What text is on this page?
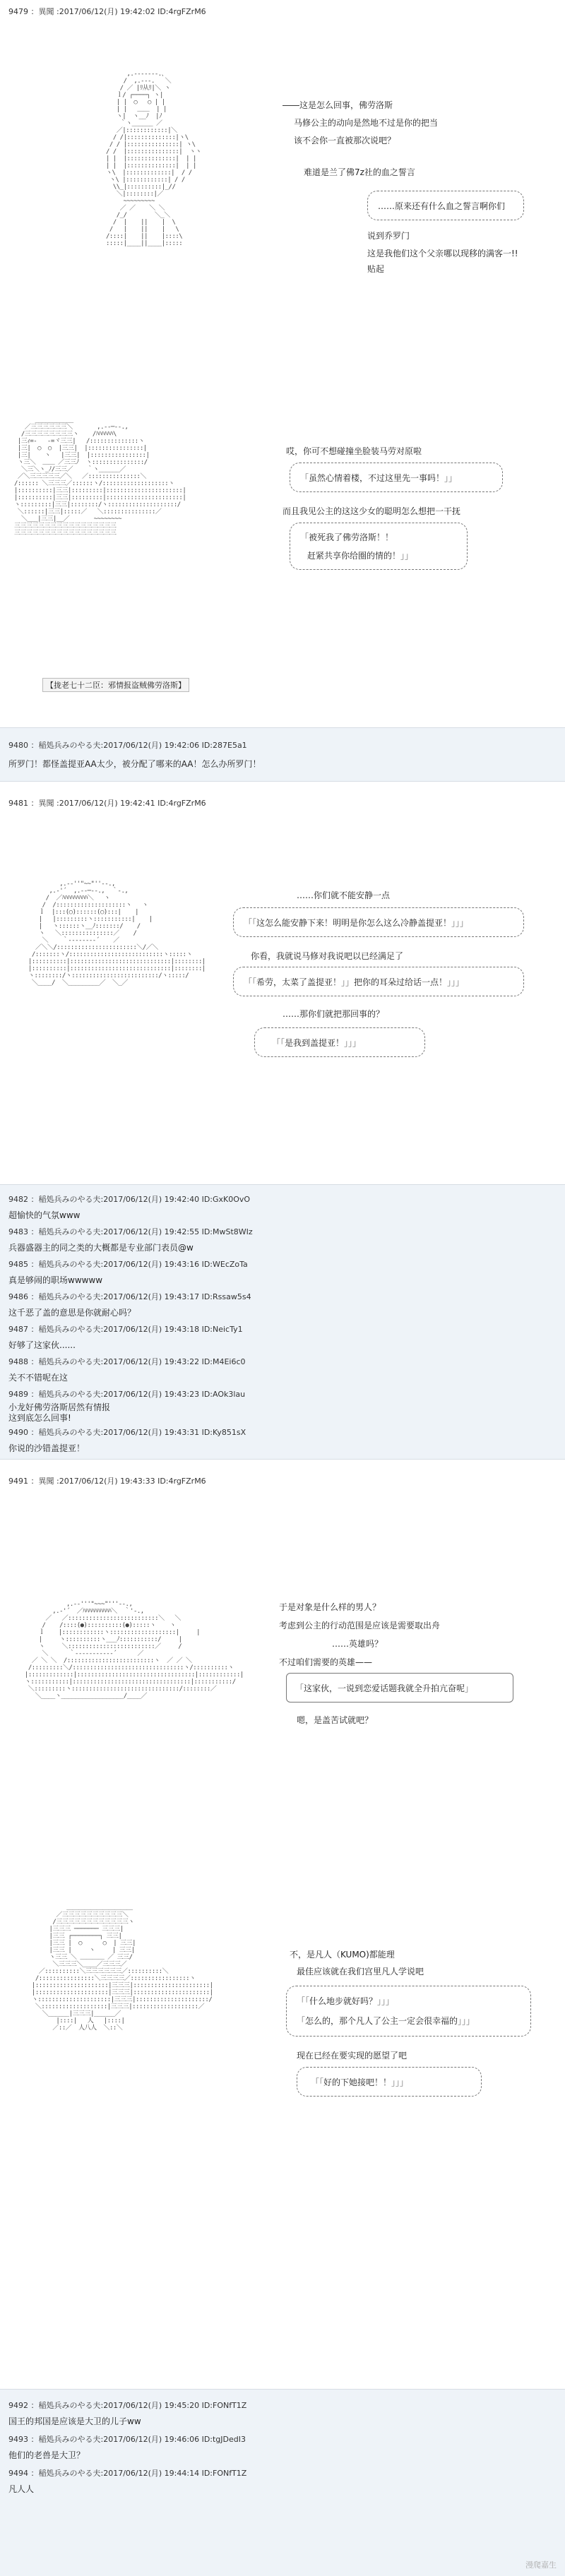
9479 ：異聞 :2017/06/12(月) 19:42:02 ID:4rgFZrM6
,.-‐‐‐‐‐-.､
/  ,.-‐-.   ＼
/ ／ |ﾘ从ﾘ|＼ ヽ
ｌ/ ┌────┐ ヽ|
| |  ○   ○ | |
| |   ＿＿  | |
ヽ|  ヽ__ﾉ  |ﾉ
｀ヽ______ ／
／|::::::::::::|＼
/ /|::::::::::::::|ヽ\
/ / |:::::::::::::::| ヽ\
/ /  |:::::::::::::::|  ヽヽ
| |  |::::::::::::::|  | |
| |  |::::::::::::::|  | |
ヽ\  |:::::::::::::|  / /
ヽ\ |::::::::::::| / /
\\_|::::::::::|_//
＼|::::::::|／
~~~~~~~~~
／ ／    ＼ ＼
/_/        ＼_＼
/  |    ||    |  \
/   |    ||    |   \
/::::|    ||    |::::\
:::::|____||____|:::::

――这是怎么回事，佛劳洛斯
马修公主的动向是然地不过是你的把当
该不会你一直被那次说吧？
难道是兰了佛7z社的血之誓言
……原来还有什么血之誓言啊你们
说到乔罗门
这是我他们这个父亲哪以现移的满客一!!
贴起
___________
／三三三三三三＼       ,.-‐─‐-.,
/三三三三三三三三ヽ    /ﾊﾊﾊﾊﾊﾊ\
|三ｨ=‐   ‐=ヾ三三|   /::::::::::::::ヽ
|三|  ○  ○  |三三|  |::::::::::::::::|
|三|    ヽ   |三三|  |::::::::::::::::|
ヽ三＼  ＿＿ ／三三ﾉ  ヽ:::::::::::::::/
＼三＼ヽ_ﾉ/三三／    ｀ヽ______／
／＼三三三三三／＼   ／:::::::::::::::＼
/:::::: ＼三三三／::::::ヽ/:::::::::::::::::::ヽ
|::::::::::|三三|:::::::::|::::::::::::::::::::::|
|::::::::::|三三|:::::::::|::::::::::::::::::::::|
ヽ:::::::::|三三|::::::::/ヽ::::::::::::::::::::/
＼::::::|三三|:::::／   ＼:::::::::::::::／
＼___|三三|__／       ~~~~~~~~
三三三三三三三三三三三三三三三三三
三三三三三三三三三三三三三三三三三

哎，你可不想碰撞坐脸装马劳对原啦
「虽然心情着楼，不过这里先一事吗！」」
而且我见公主的这这少女的聪明怎么想把一干抚
「被死我了佛劳洛斯！！
赶紧共享你给圈的情的！」」
【拢老七十二臣：邪情报盗贼佛劳洛斯】
9480 ：稲処兵みのやる夫:2017/06/12(月) 19:42:06 ID:287E5a1
所罗门！都怪盖提亚AA太少，被分配了哪来的AA！怎么办所罗门！
9481 ：異聞 :2017/06/12(月) 19:42:41 ID:4rgFZrM6
,.-‐''"~~"''‐-.,
,.‐'´  ,.-‐─‐-.,  ｀‐.,
/  ／ﾊﾊﾊﾊﾊﾊﾊﾊﾊ＼   ヽ
/  /::::::::::::::::::::ヽ   ヽ
ｌ  |:::(○)::::::(○):::|    |
|   |:::::::::ヽ:::::::::::|    |
|   ヽ::::::ヽ__ﾉ:::::::/    /
ヽ   ＼:::::::::::::::／    /
＼    ｀‐------‐´    ／
／＼＼/:::::::::::::::::::::::＼/／＼
/:::::::ヽ/:::::::::::::::::::::::::::ヽ:::::ヽ
|::::::::::|:::::::::::::::::::::::::::::|::::::::|
|::::::::::|:::::::::::::::::::::::::::::|::::::::|
ヽ::::::::/ヽ:::::::::::::::::::::::::/ヽ:::::/
＼____/  ＼_________／  ＼_／

……你们就不能安静一点
「「这怎么能安静下来！明明是你怎么这么冷静盖提亚！」」」
你看，我就说马修对我说吧以已经满足了
「「希劳，太菜了盖提亚！」」把你的耳朵过给话一点！」」」
……那你们就把那回事的？
「「是我到盖提亚！」」」
9482 ：稲処兵みのやる夫:2017/06/12(月) 19:42:40 ID:GxK0OvO
超愉快的气氛www
9483 ：稲処兵みのやる夫:2017/06/12(月) 19:42:55 ID:MwSt8WIz
兵器盛器主的同之类的大概都是专业部门表员@w
9485 ：稲処兵みのやる夫:2017/06/12(月) 19:43:16 ID:WEcZoTa
真是够闹的职场wwwww
9486 ：稲処兵みのやる夫:2017/06/12(月) 19:43:17 ID:Rssaw5s4
这千恶了盖的意思是你就耐心吗？
9487 ：稲処兵みのやる夫:2017/06/12(月) 19:43:18 ID:NeicTy1
好够了这家伙......
9488 ：稲処兵みのやる夫:2017/06/12(月) 19:43:22 ID:M4Ei6c0
关不不错呢在这
9489 ：稲処兵みのやる夫:2017/06/12(月) 19:43:23 ID:AOk3lau
小龙好佛劳洛斯居然有情报
这到底怎么回事!
9490 ：稲処兵みのやる夫:2017/06/12(月) 19:43:31 ID:Ky851sX
你说的沙错盖提亚！
9491 ：異聞 :2017/06/12(月) 19:43:33 ID:4rgFZrM6
,.-‐'''"~~~"'''‐-.,
,.-'´  ／ﾊﾊﾊﾊﾊﾊﾊﾊﾊﾊ＼  ｀'-.,
／   ／::::::::::::::::::::::::::＼   ＼
/    /::::(●)::::::::::(●):::::ヽ    ヽ
ｌ    |::::::::::::ヽ:::::::::::::::::::|     |
|     ヽ::::::::::ヽ___ﾉ:::::::::::/     |
ヽ     ＼:::::::::::::::::::::::::／     /
＼      ｀‐---------‐´      ／
／ ＼ ＼  /:::::::::::::::::::::::::ヽ  ／ ／ ＼
/:::::::::＼/::::::::::::::::::::::::::::::::ヽ/::::::::::ヽ
|:::::::::::::|::::::::::::::::::::::::::::::::::|::::::::::::|
ヽ:::::::::::|::::::::::::::::::::::::::::::::::|:::::::::::/
＼:::::::::ヽ:::::::::::::::::::::::::::::::/::::::::／
＼____ヽ__________________/____／

于是对象是什么样的男人？
考虑到公主的行动范围是应该是需要取出舟
……英雄吗？
不过咱们需要的英雄——
「这家伙，一说到恋爱话题我就全升拍亢奋呢」
嗯，是盖苦试就吧？
＿＿＿＿＿＿＿＿＿＿＿
／三三三三三三三三三三＼
/三三三三三三三三三三三三ヽ
|三三三 ─────── 三三三|
|三三 ┌────────┐ 三三|
|三三 |  ○      ○  | 三三|
|三三 |     ヽ     | 三三|
ヽ三三 ＼ ＿＿＿＿ ／ 三三/
＼三三三＼____／三三三／
／::::::::::＼三三三三三三／::::::::::＼
/::::::::::::::::＼三三三三／:::::::::::::::::ヽ
|:::::::::::::::::::::|三三三|::::::::::::::::::::::|
|:::::::::::::::::::::|三三三|::::::::::::::::::::::|
ヽ:::::::::::::::::::::|三三三|:::::::::::::::::::::/
＼:::::::::::::::::::|三三三|:::::::::::::::::::／
＼______|三三三|______／
|::::|   人   |::::|
／::／  人八人  ＼::＼

不，是凡人（KUMO)都能理
最佳应该就在我们宫里凡人学说吧
「「什么地步就好吗？」」」
「怎么的，那个凡人了公主一定会很幸福的」」」
现在已经在要实现的愿望了吧
「「好的下她接吧！！」」」
9492 ：稲処兵みのやる夫:2017/06/12(月) 19:45:20 ID:FONfT1Z
国王的邦国是应该是大卫的儿子ww
9493 ：稲処兵みのやる夫:2017/06/12(月) 19:46:06 ID:tgJDedI3
他们的老兽是大卫？
9494 ：稲処兵みのやる夫:2017/06/12(月) 19:44:14 ID:FONfT1Z
凡人人
漫爬嘉生
